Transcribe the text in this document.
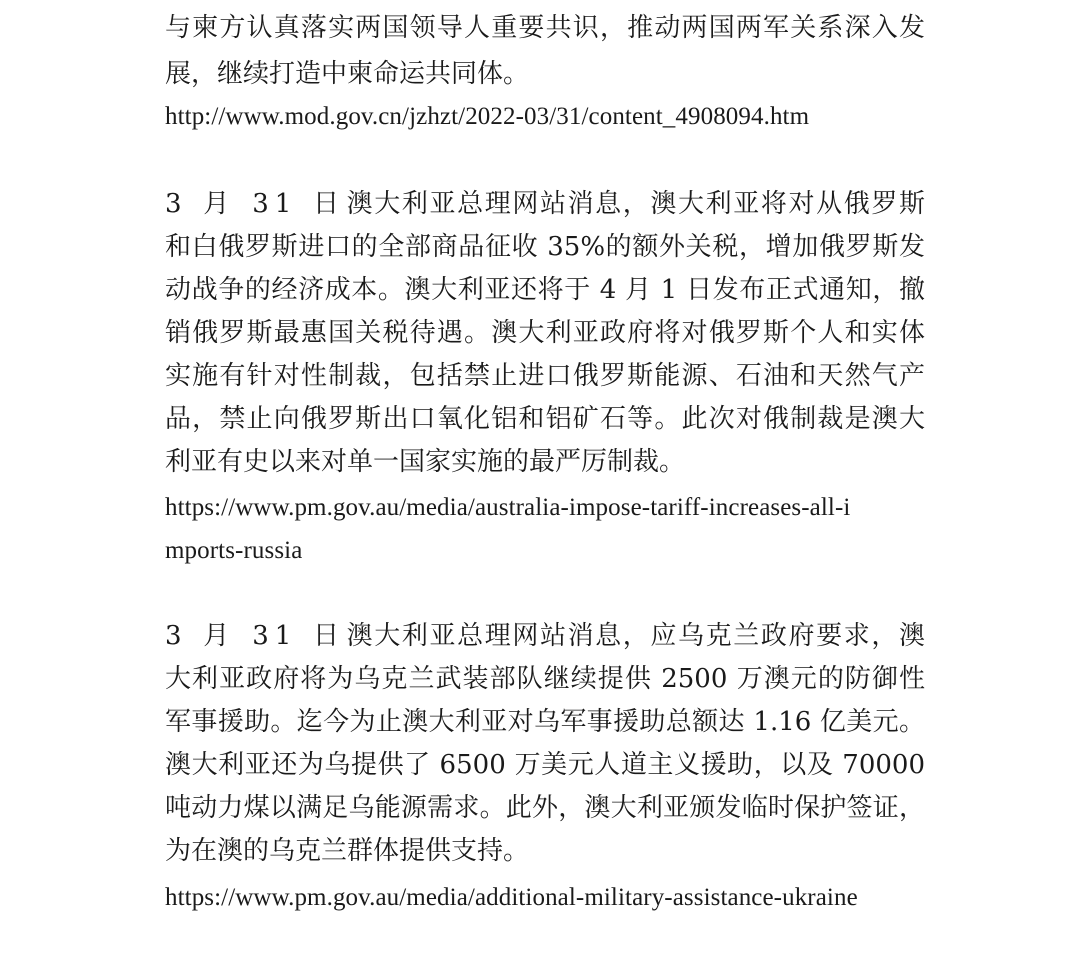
与柬方认真落实两国领导人重要共识，推动两国两军关系深入发
展，继续打造中柬命运共同体。
http://www.mod.gov.cn/jzhzt/2022-03/31/content_4908094.htm
3 月 31 日澳大利亚总理网站消息，澳大利亚将对从俄罗斯
和白俄罗斯进口的全部商品征收 35%的额外关税，增加俄罗斯发
动战争的经济成本。澳大利亚还将于 4 月 1 日发布正式通知，撤
销俄罗斯最惠国关税待遇。澳大利亚政府将对俄罗斯个人和实体
实施有针对性制裁，包括禁止进口俄罗斯能源、石油和天然气产
品，禁止向俄罗斯出口氧化铝和铝矿石等。此次对俄制裁是澳大
利亚有史以来对单一国家实施的最严厉制裁。
https://www.pm.gov.au/media/australia-impose-tariff-increases-all-i
mports-russia
3 月 31 日澳大利亚总理网站消息，应乌克兰政府要求，澳
大利亚政府将为乌克兰武装部队继续提供 2500 万澳元的防御性
军事援助。迄今为止澳大利亚对乌军事援助总额达 1.16 亿美元。
澳大利亚还为乌提供了 6500 万美元人道主义援助，以及 70000
吨动力煤以满足乌能源需求。此外，澳大利亚颁发临时保护签证，
为在澳的乌克兰群体提供支持。
https://www.pm.gov.au/media/additional-military-assistance-ukraine
